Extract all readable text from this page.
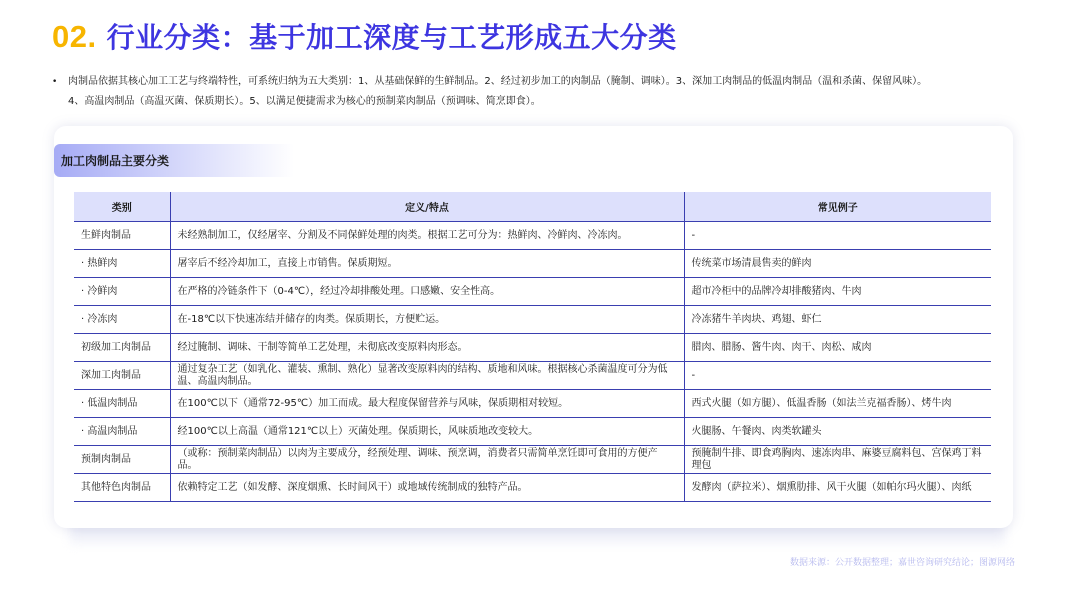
02. 行业分类：基于加工深度与工艺形成五大分类
• 肉制品依据其核心加工工艺与终端特性，可系统归纳为五大类别：1、从基础保鲜的生鲜制品。2、经过初步加工的肉制品（腌制、调味）。3、深加工肉制品的低温肉制品（温和杀菌、保留风味）。
4、高温肉制品（高温灭菌、保质期长）。5、以满足便捷需求为核心的预制菜肉制品（预调味、简烹即食）。
加工肉制品主要分类
类别	定义/特点	常见例子
生鲜肉制品	未经熟制加工，仅经屠宰、分割及不同保鲜处理的肉类。根据工艺可分为：热鲜肉、冷鲜肉、冷冻肉。	-
· 热鲜肉	屠宰后不经冷却加工，直接上市销售。保质期短。	传统菜市场清晨售卖的鲜肉
· 冷鲜肉	在严格的冷链条件下（0-4℃），经过冷却排酸处理。口感嫩、安全性高。	超市冷柜中的品牌冷却排酸猪肉、牛肉
· 冷冻肉	在-18℃以下快速冻结并储存的肉类。保质期长，方便贮运。	冷冻猪牛羊肉块、鸡翅、虾仁
初级加工肉制品	经过腌制、调味、干制等简单工艺处理，未彻底改变原料肉形态。	腊肉、腊肠、酱牛肉、肉干、肉松、咸肉
深加工肉制品	通过复杂工艺（如乳化、灌装、熏制、熟化）显著改变原料肉的结构、质地和风味。根据核心杀菌温度可分为低温、高温肉制品。	-
· 低温肉制品	在100℃以下（通常72-95℃）加工而成。最大程度保留营养与风味，保质期相对较短。	西式火腿（如方腿）、低温香肠（如法兰克福香肠）、烤牛肉
· 高温肉制品	经100℃以上高温（通常121℃以上）灭菌处理。保质期长，风味质地改变较大。	火腿肠、午餐肉、肉类软罐头
预制肉制品	（或称：预制菜肉制品）以肉为主要成分，经预处理、调味、预烹调，消费者只需简单烹饪即可食用的方便产品。	预腌制牛排、即食鸡胸肉、速冻肉串、麻婆豆腐料包、宫保鸡丁料理包
其他特色肉制品	依赖特定工艺（如发酵、深度烟熏、长时间风干）或地域传统制成的独特产品。	发酵肉（萨拉米）、烟熏肋排、风干火腿（如帕尔玛火腿）、肉纸
数据来源：公开数据整理；嘉世咨询研究结论；图源网络
